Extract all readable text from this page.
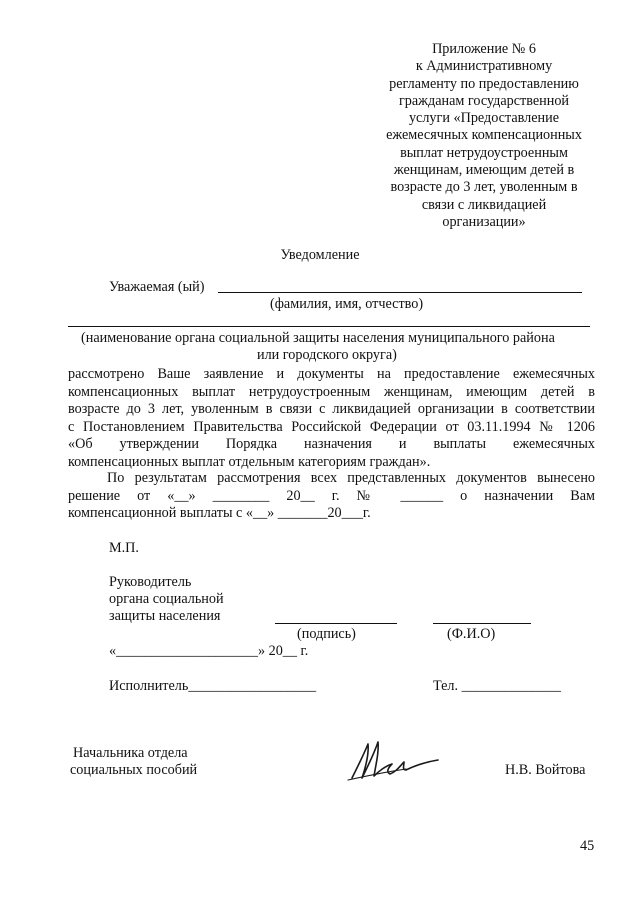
Приложение № 6
к Административному
регламенту по предоставлению
гражданам государственной
услуги «Предоставление
ежемесячных компенсационных
выплат нетрудоустроенным
женщинам, имеющим детей в
возрасте до 3 лет, уволенным в
связи с ликвидацией
организации»
Уведомление
Уважаемая (ый)
(фамилия, имя, отчество)
(наименование органа социальной защиты населения муниципального района
или городского округа)
рассмотрено Ваше заявление и документы на предоставление ежемесячных
компенсационных выплат нетрудоустроенным женщинам, имеющим детей в
возрасте до 3 лет, уволенным в связи с ликвидацией организации в соответствии
с Постановлением Правительства Российской Федерации от 03.11.1994 № 1206
«Об утверждении Порядка назначения и выплаты ежемесячных
компенсационных выплат отдельным категориям граждан».
По результатам рассмотрения всех представленных документов вынесено
решение от «__» ________ 20__ г. № ______ о назначении Вам
компенсационной выплаты с «__» _______20___г.
М.П.
Руководитель
органа социальной
защиты населения
(подпись)	(Ф.И.О)
«____________________» 20__ г.
Исполнитель__________________	Тел. ______________
Начальника отдела
социальных пособий	Н.В. Войтова
45
